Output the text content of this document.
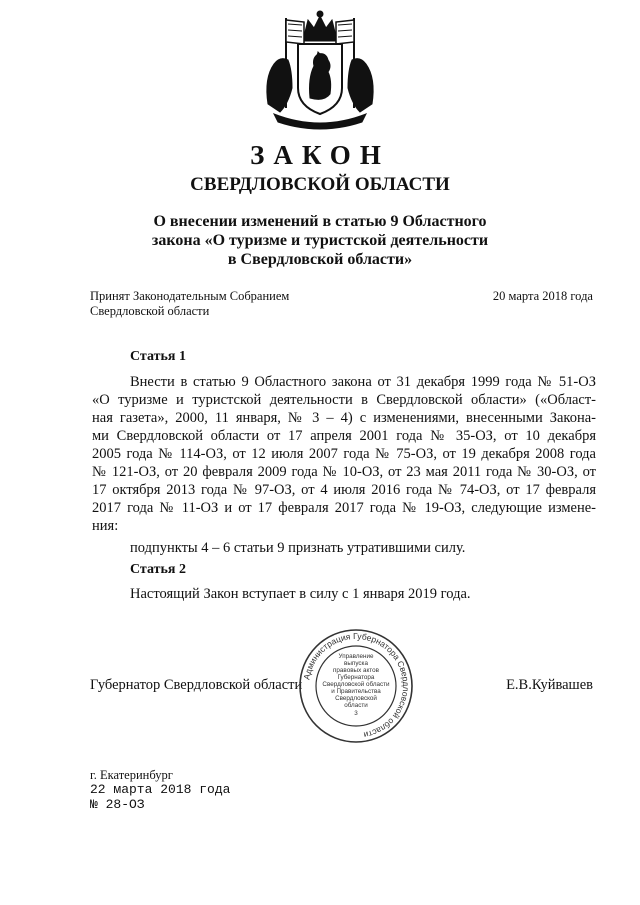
ЗАКОН
СВЕРДЛОВСКОЙ ОБЛАСТИ
О внесении изменений в статью 9 Областного
закона «О туризме и туристской деятельности
в Свердловской области»
Принят Законодательным Собранием
Свердловской области
20 марта 2018 года
Статья 1
Внести в статью 9 Областного закона от 31 декабря 1999 года № 51-ОЗ
«О туризме и туристской деятельности в Свердловской области» («Област-
ная газета», 2000, 11 января, № 3 – 4) с изменениями, внесенными Закона-
ми Свердловской области от 17 апреля 2001 года № 35-ОЗ, от 10 декабря
2005 года № 114-ОЗ, от 12 июля 2007 года № 75-ОЗ, от 19 декабря 2008 года
№ 121-ОЗ, от 20 февраля 2009 года № 10-ОЗ, от 23 мая 2011 года № 30-ОЗ, от
17 октября 2013 года № 97-ОЗ, от 4 июля 2016 года № 74-ОЗ, от 17 февраля
2017 года № 11-ОЗ и от 17 февраля 2017 года № 19-ОЗ, следующие измене-
ния:
подпункты 4 – 6 статьи 9 признать утратившими силу.
Статья 2
Настоящий Закон вступает в силу с 1 января 2019 года.
Губернатор Свердловской области	Е.В.Куйвашев
Администрация Губернатора Свердловской области
Управление
выпуска
правовых актов
Губернатора
Свердловской области
и Правительства
Свердловской
области
3
г. Екатеринбург
22 марта 2018 года
№ 28-ОЗ
